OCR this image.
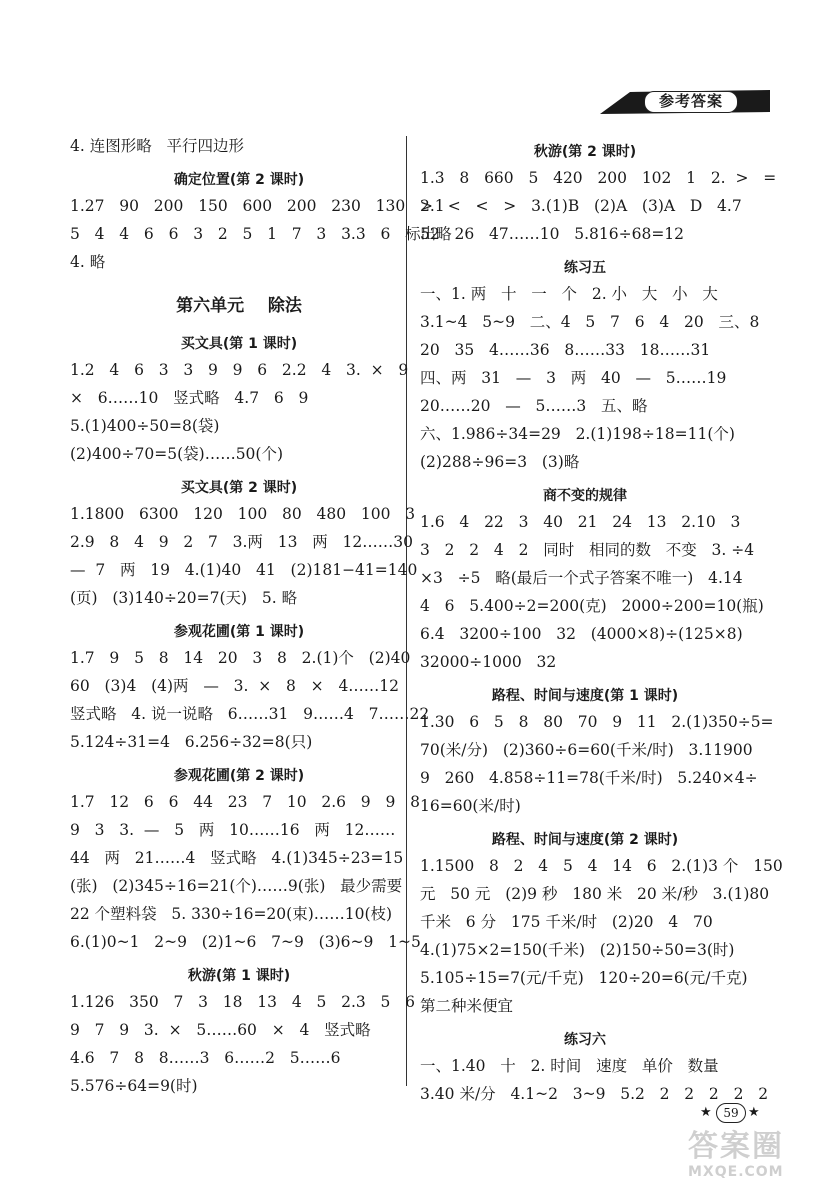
参考答案
4. 连图形略   平行四边形
确定位置(第 2 课时)
1.27   90   200   150   600   200   230   130   2.1
5   4   4   6   6   3   2   5   1   7   3   3.3   6   标出略
4. 略
第六单元    除法
买文具(第 1 课时)
1.2   4   6   3   3   9   9   6   2.2   4   3.  ×   9
×   6……10   竖式略   4.7   6   9
5.(1)400÷50=8(袋)
(2)400÷70=5(袋)……50(个)
买文具(第 2 课时)
1.1800   6300   120   100   80   480   100   3
2.9   8   4   9   2   7   3.两   13   两   12……30
—  7   两   19   4.(1)40   41   (2)181−41=140
(页)   (3)140÷20=7(天)   5. 略
参观花圃(第 1 课时)
1.7   9   5   8   14   20   3   8   2.(1)个   (2)40
60   (3)4   (4)两   —   3.  ×   8   ×   4……12
竖式略   4. 说一说略   6……31   9……4   7……22
5.124÷31=4   6.256÷32=8(只)
参观花圃(第 2 课时)
1.7   12   6   6   44   23   7   10   2.6   9   9   8
9   3   3.  —   5   两   10……16   两   12……
44   两   21……4   竖式略   4.(1)345÷23=15
(张)   (2)345÷16=21(个)……9(张)   最少需要
22 个塑料袋   5. 330÷16=20(束)……10(枝)
6.(1)0~1   2~9   (2)1~6   7~9   (3)6~9   1~5
秋游(第 1 课时)
1.126   350   7   3   18   13   4   5   2.3   5   6
9   7   9   3.  ×   5……60   ×   4   竖式略
4.6   7   8   8……3   6……2   5……6
5.576÷64=9(时)
秋游(第 2 课时)
1.3   8   660   5   420   200   102   1   2.  >   =
>   <   <   >   3.(1)B   (2)A   (3)A   D   4.7
52   26   47……10   5.816÷68=12
练习五
一、1. 两   十   一   个   2. 小   大   小   大
3.1~4   5~9   二、4   5   7   6   4   20   三、8
20   35   4……36   8……33   18……31
四、两   31   —   3   两   40   —   5……19
20……20   —   5……3   五、略
六、1.986÷34=29   2.(1)198÷18=11(个)
(2)288÷96=3   (3)略
商不变的规律
1.6   4   22   3   40   21   24   13   2.10   3
3   2   2   4   2   同时   相同的数   不变   3. ÷4
×3   ÷5   略(最后一个式子答案不唯一)   4.14
4   6   5.400÷2=200(克)   2000÷200=10(瓶)
6.4   3200÷100   32   (4000×8)÷(125×8)
32000÷1000   32
路程、时间与速度(第 1 课时)
1.30   6   5   8   80   70   9   11   2.(1)350÷5=
70(米/分)   (2)360÷6=60(千米/时)   3.11900
9   260   4.858÷11=78(千米/时)   5.240×4÷
16=60(米/时)
路程、时间与速度(第 2 课时)
1.1500   8   2   4   5   4   14   6   2.(1)3 个   150
元   50 元   (2)9 秒   180 米   20 米/秒   3.(1)80
千米   6 分   175 千米/时   (2)20   4   70
4.(1)75×2=150(千米)   (2)150÷50=3(时)
5.105÷15=7(元/千克)   120÷20=6(元/千克)
第二种米便宜
练习六
一、1.40   十   2. 时间   速度   单价   数量
3.40 米/分   4.1~2   3~9   5.2   2   2   2   2   2
★ 59 ★
答案圈
MXQE.COM
